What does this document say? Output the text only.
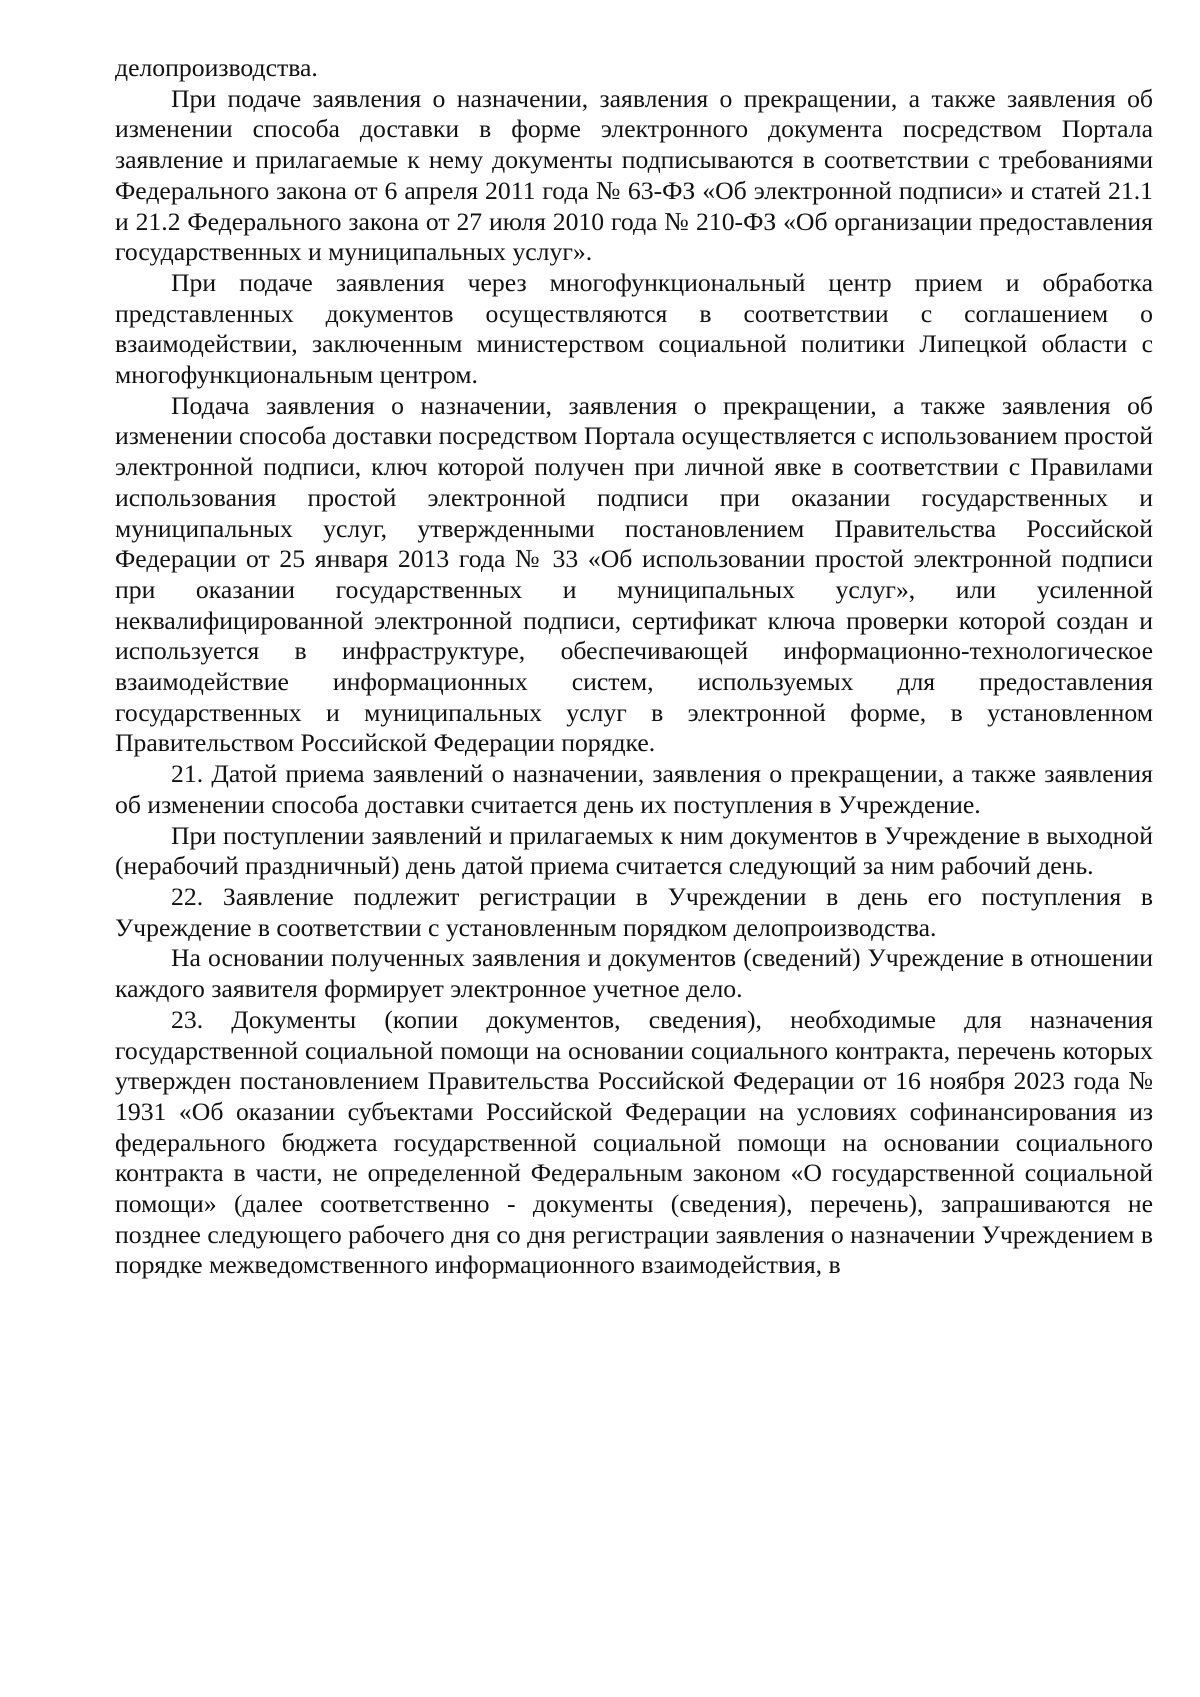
делопроизводства.

При подаче заявления о назначении, заявления о прекращении, а также заявления об изменении способа доставки в форме электронного документа посредством Портала заявление и прилагаемые к нему документы подписываются в соответствии с требованиями Федерального закона от 6 апреля 2011 года № 63-ФЗ «Об электронной подписи» и статей 21.1 и 21.2 Федерального закона от 27 июля 2010 года № 210-ФЗ «Об организации предоставления государственных и муниципальных услуг».

При подаче заявления через многофункциональный центр прием и обработка представленных документов осуществляются в соответствии с соглашением о взаимодействии, заключенным министерством социальной политики Липецкой области с многофункциональным центром.

Подача заявления о назначении, заявления о прекращении, а также заявления об изменении способа доставки посредством Портала осуществляется с использованием простой электронной подписи, ключ которой получен при личной явке в соответствии с Правилами использования простой электронной подписи при оказании государственных и муниципальных услуг, утвержденными постановлением Правительства Российской Федерации от 25 января 2013 года № 33 «Об использовании простой электронной подписи при оказании государственных и муниципальных услуг», или усиленной неквалифицированной электронной подписи, сертификат ключа проверки которой создан и используется в инфраструктуре, обеспечивающей информационно-технологическое взаимодействие информационных систем, используемых для предоставления государственных и муниципальных услуг в электронной форме, в установленном Правительством Российской Федерации порядке.

21. Датой приема заявлений о назначении, заявления о прекращении, а также заявления об изменении способа доставки считается день их поступления в Учреждение.

При поступлении заявлений и прилагаемых к ним документов в Учреждение в выходной (нерабочий праздничный) день датой приема считается следующий за ним рабочий день.

22. Заявление подлежит регистрации в Учреждении в день его поступления в Учреждение в соответствии с установленным порядком делопроизводства.

На основании полученных заявления и документов (сведений) Учреждение в отношении каждого заявителя формирует электронное учетное дело.

23. Документы (копии документов, сведения), необходимые для назначения государственной социальной помощи на основании социального контракта, перечень которых утвержден постановлением Правительства Российской Федерации от 16 ноября 2023 года № 1931 «Об оказании субъектами Российской Федерации на условиях софинансирования из федерального бюджета государственной социальной помощи на основании социального контракта в части, не определенной Федеральным законом «О государственной социальной помощи» (далее соответственно - документы (сведения), перечень), запрашиваются не позднее следующего рабочего дня со дня регистрации заявления о назначении Учреждением в порядке межведомственного информационного взаимодействия, в
